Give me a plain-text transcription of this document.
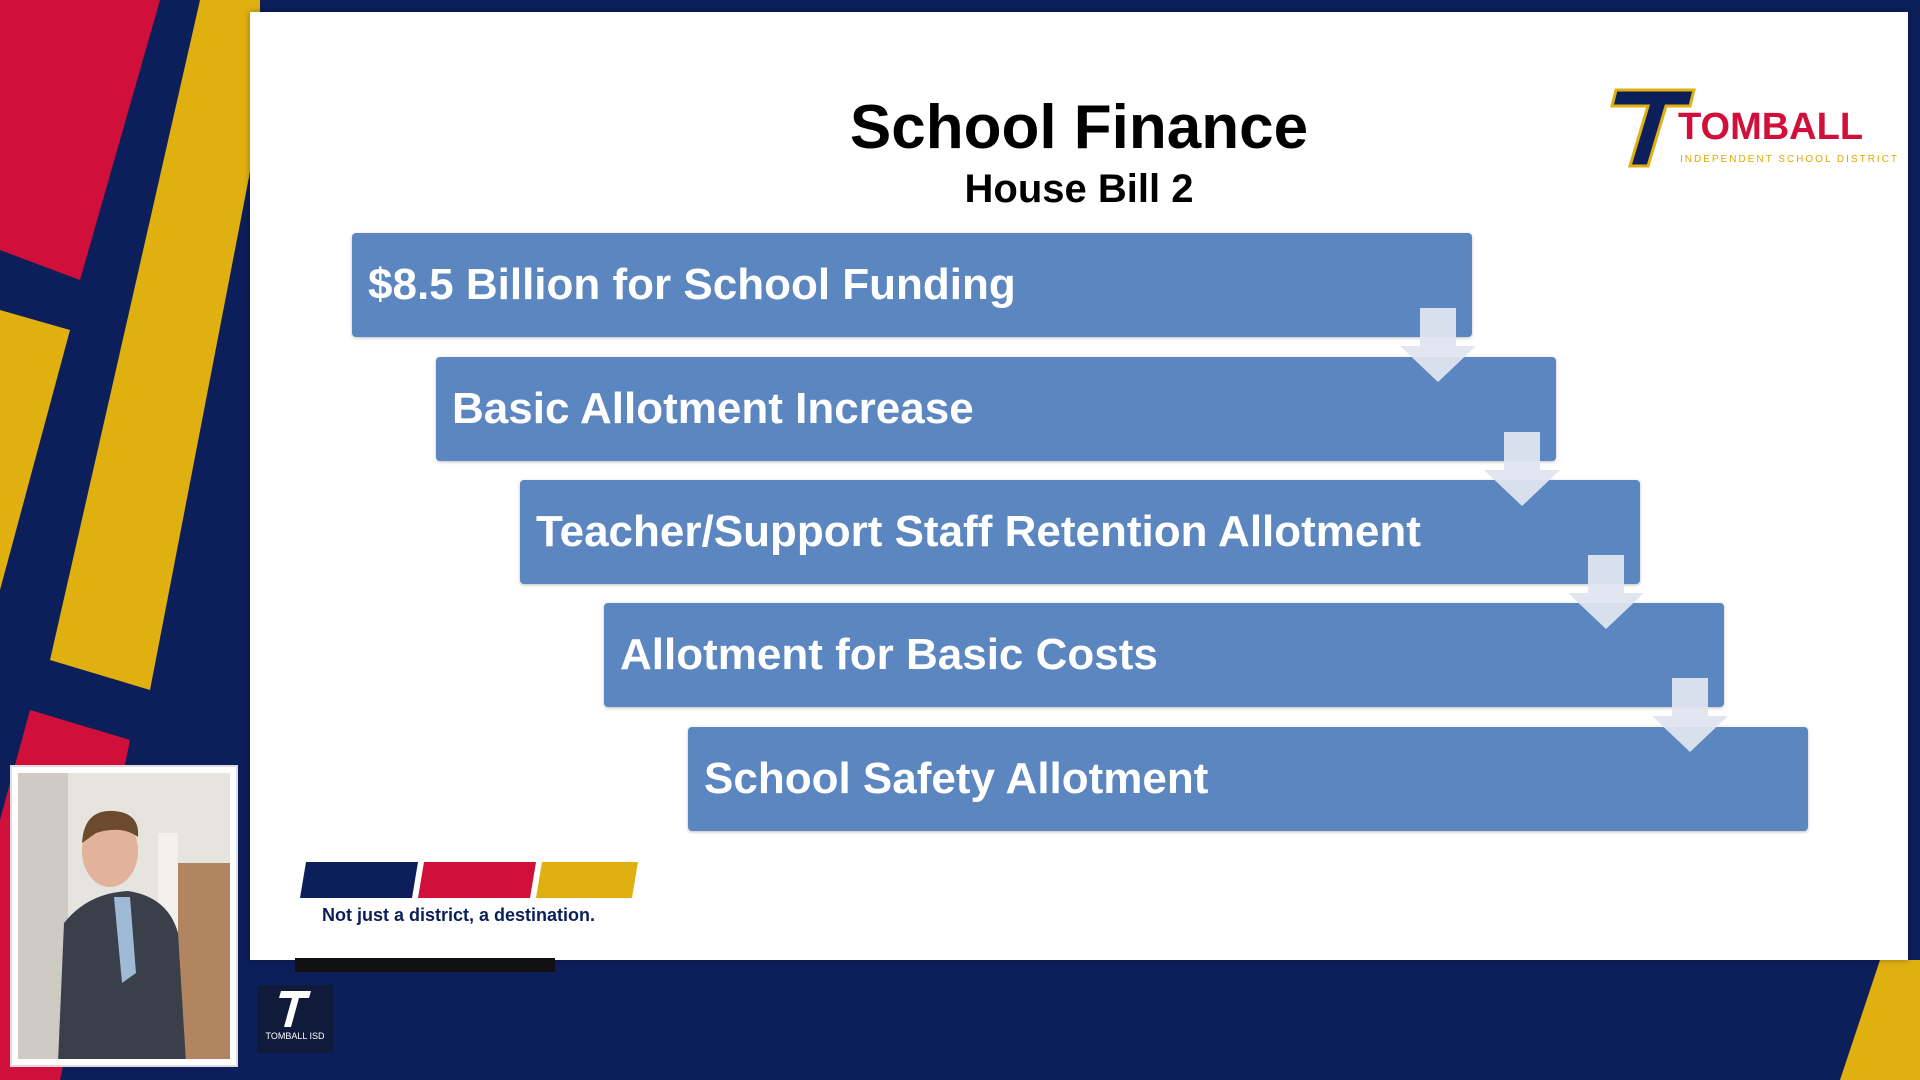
School Finance
House Bill 2
TOMBALL
INDEPENDENT SCHOOL DISTRICT
$8.5 Billion for School Funding
Basic Allotment Increase
Teacher/Support Staff Retention Allotment
Allotment for Basic Costs
School Safety Allotment
Not just a district, a destination.
TOMBALL ISD
